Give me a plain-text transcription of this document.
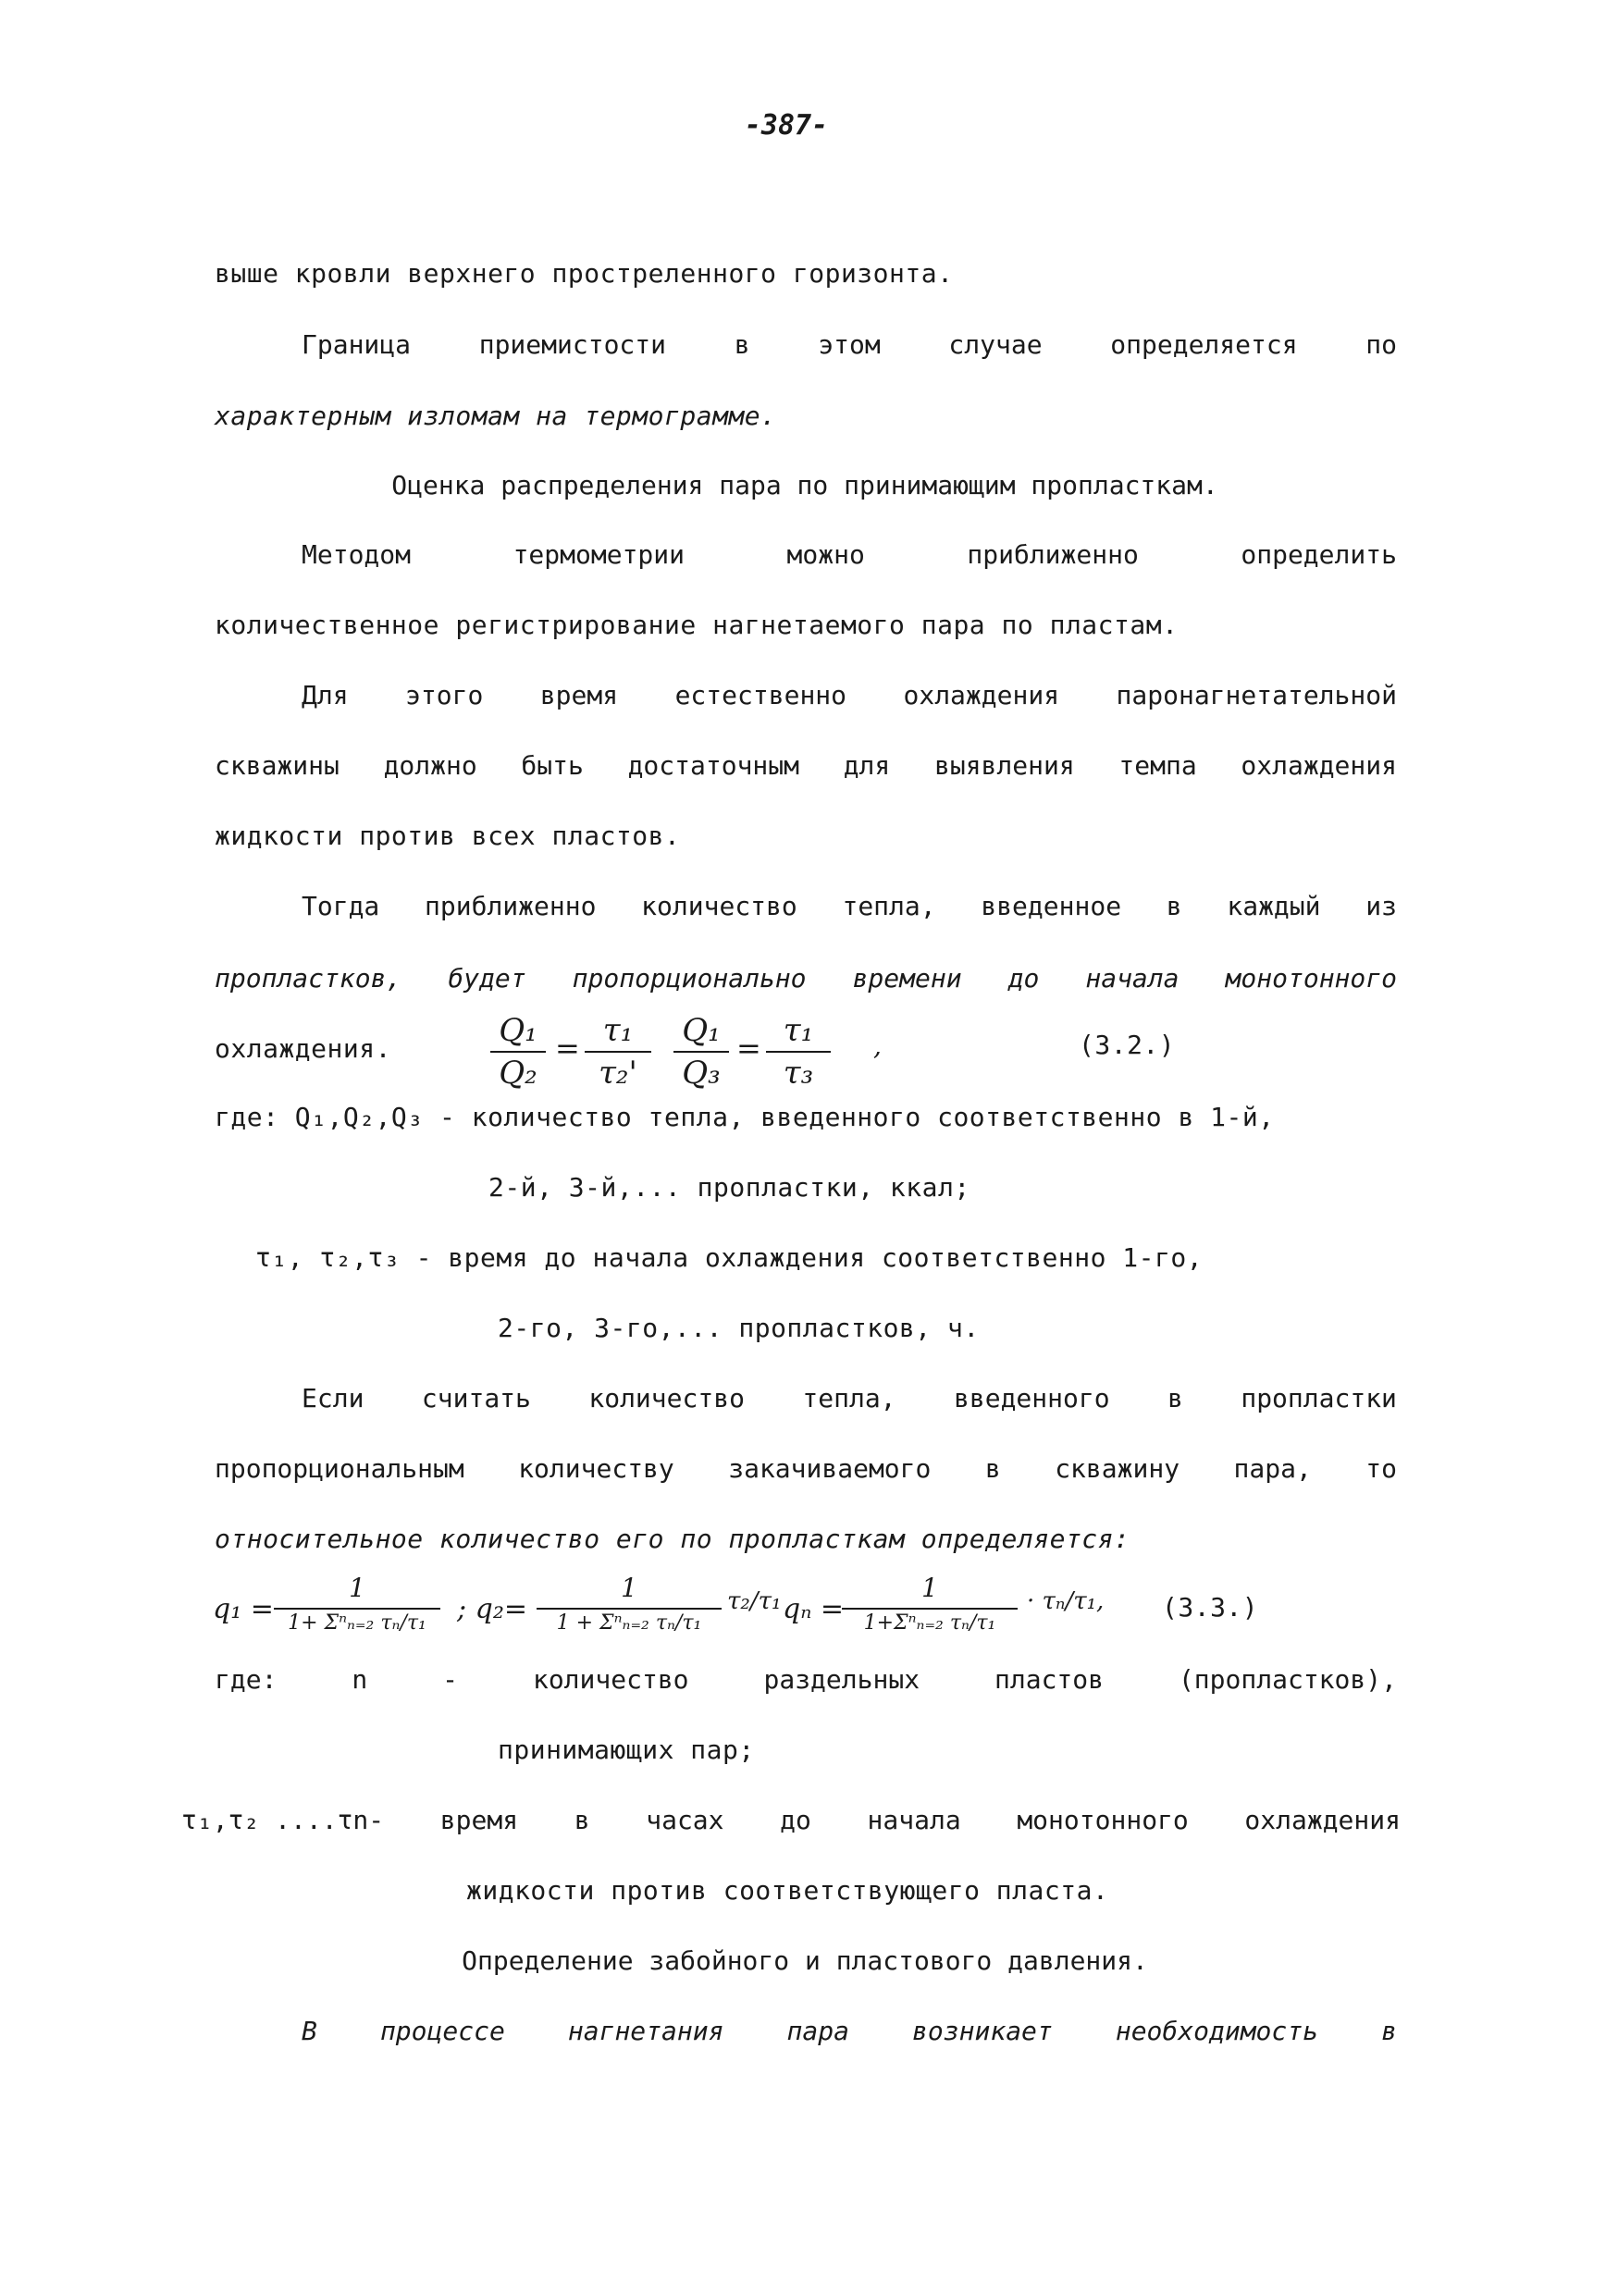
-387-
выше кровли верхнего простреленного горизонта.
Граница	приемистости	в	этом	случае	определяется	по
характерным изломам на термограмме.
Оценка распределения пара по принимающим пропласткам.
Методом	термометрии	можно	приближенно	определить
количественное регистрирование нагнетаемого пара по пластам.
Для этого время естественно охлаждения паронагнетательной
скважины должно быть достаточным для выявления темпа охлаждения
жидкости против всех пластов.
Тогда приближенно количество тепла, введенное в каждый из
пропластков, будет пропорционально времени до начала монотонного
охлаждения.	Q₁
Q₂
= τ₁
τ₂'
Q₁
Q₃
= τ₁
τ₃
,	(3.2.)
где: Q₁,Q₂,Q₃ - количество тепла, введенного соответственно в 1-й,
2-й, 3-й,... пропластки, ккал;
τ₁, τ₂,τ₃ - время до начала охлаждения соответственно 1-го,
2-го, 3-го,... пропластков, ч.
Если считать количество тепла, введенного в пропластки
пропорциональным количеству закачиваемого в скважину пара, то
относительное количество его по пропласткам определяется:
q₁ =
1
1+ Σⁿₙ₌₂ τₙ/τ₁	; q₂=
1
1 + Σⁿₙ₌₂ τₙ/τ₁
τ₂/τ₁ qₙ =
1
1+Σⁿₙ₌₂ τₙ/τ₁
· τₙ/τ₁, (3.3.)
где:	n	-	количество	раздельных	пластов	(пропластков),
принимающих пар;
τ₁,τ₂ ....τn- время в часах до начала монотонного охлаждения
жидкости против соответствующего пласта.
Определение забойного и пластового давления.
В процессе нагнетания пара возникает необходимость в
